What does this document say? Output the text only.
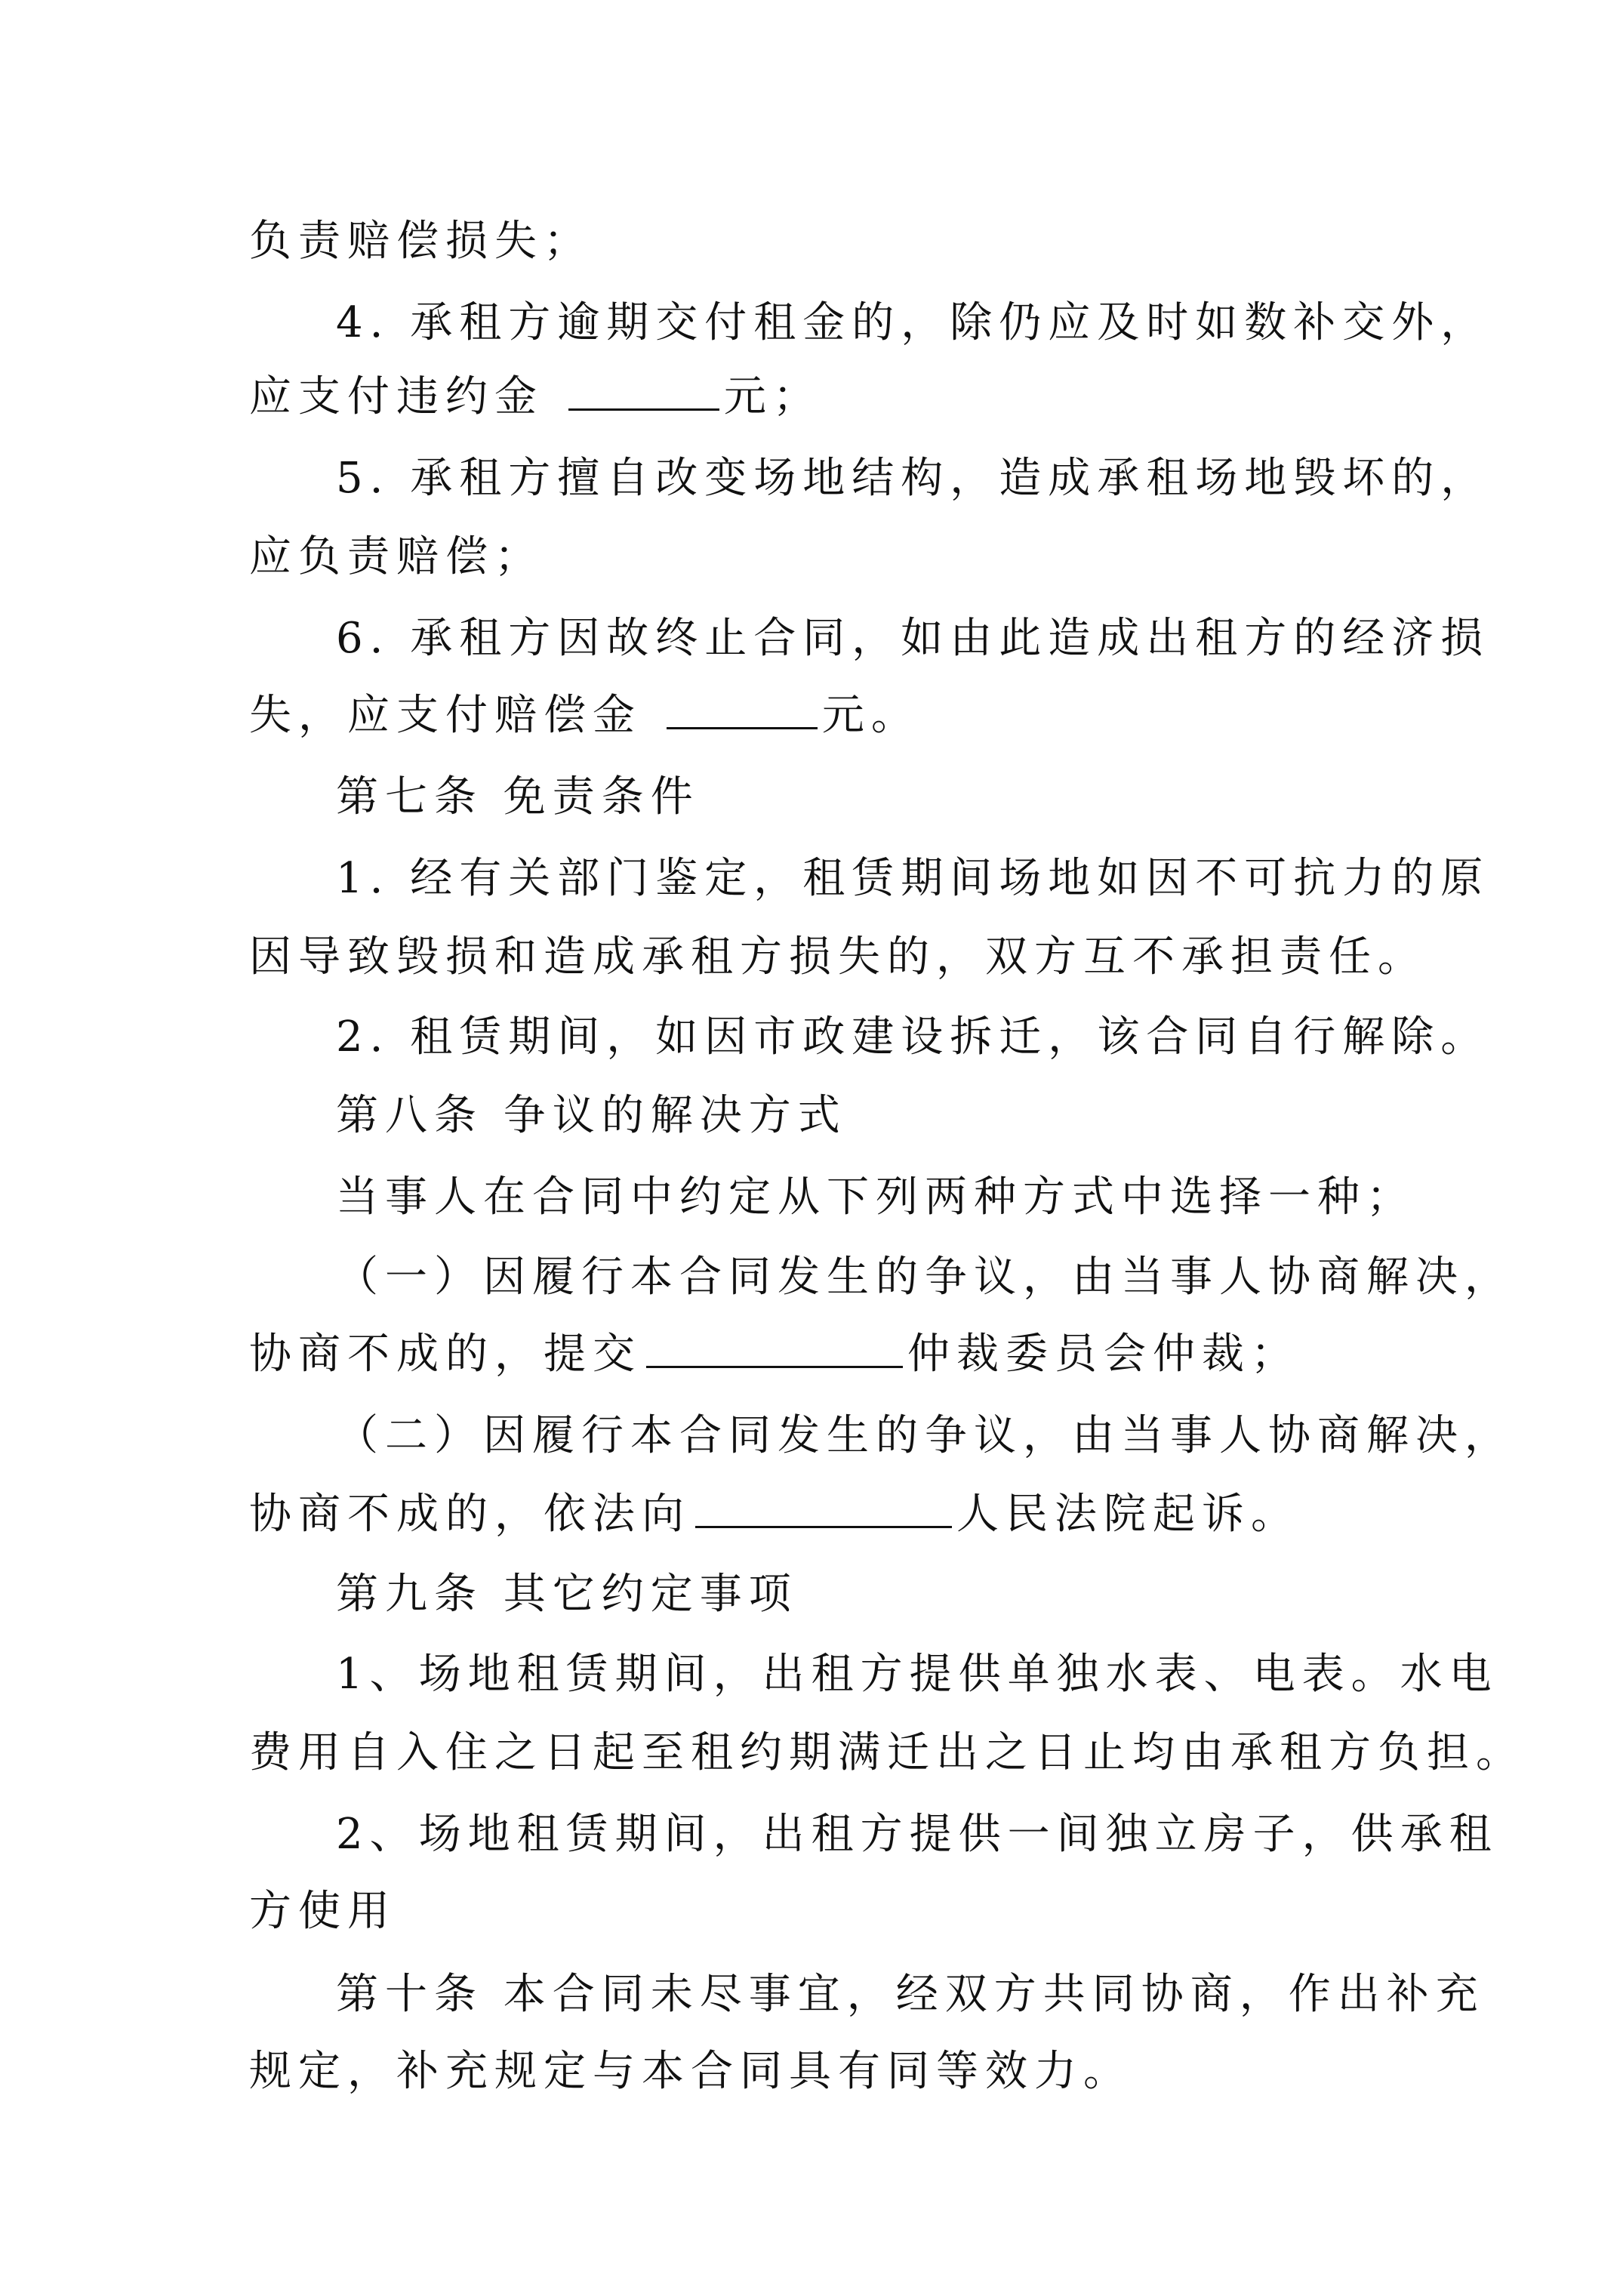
负责赔偿损失；
4. 承租方逾期交付租金的，除仍应及时如数补交外，
应支付违约金	元；
5. 承租方擅自改变场地结构，造成承租场地毁坏的，
应负责赔偿；
6. 承租方因故终止合同，如由此造成出租方的经济损
失，应支付赔偿金	元。
第七条 免责条件
1. 经有关部门鉴定，租赁期间场地如因不可抗力的原
因导致毁损和造成承租方损失的，双方互不承担责任。
2. 租赁期间，如因市政建设拆迁，该合同自行解除。
第八条 争议的解决方式
当事人在合同中约定从下列两种方式中选择一种；
（一）因履行本合同发生的争议，由当事人协商解决，
协商不成的，提交	仲裁委员会仲裁；
（二）因履行本合同发生的争议，由当事人协商解决，
协商不成的，依法向	人民法院起诉。
第九条 其它约定事项
1、场地租赁期间，出租方提供单独水表、电表。水电
费用自入住之日起至租约期满迁出之日止均由承租方负担。
2、场地租赁期间，出租方提供一间独立房子，供承租
方使用
第十条 本合同未尽事宜，经双方共同协商，作出补充
规定，补充规定与本合同具有同等效力。
